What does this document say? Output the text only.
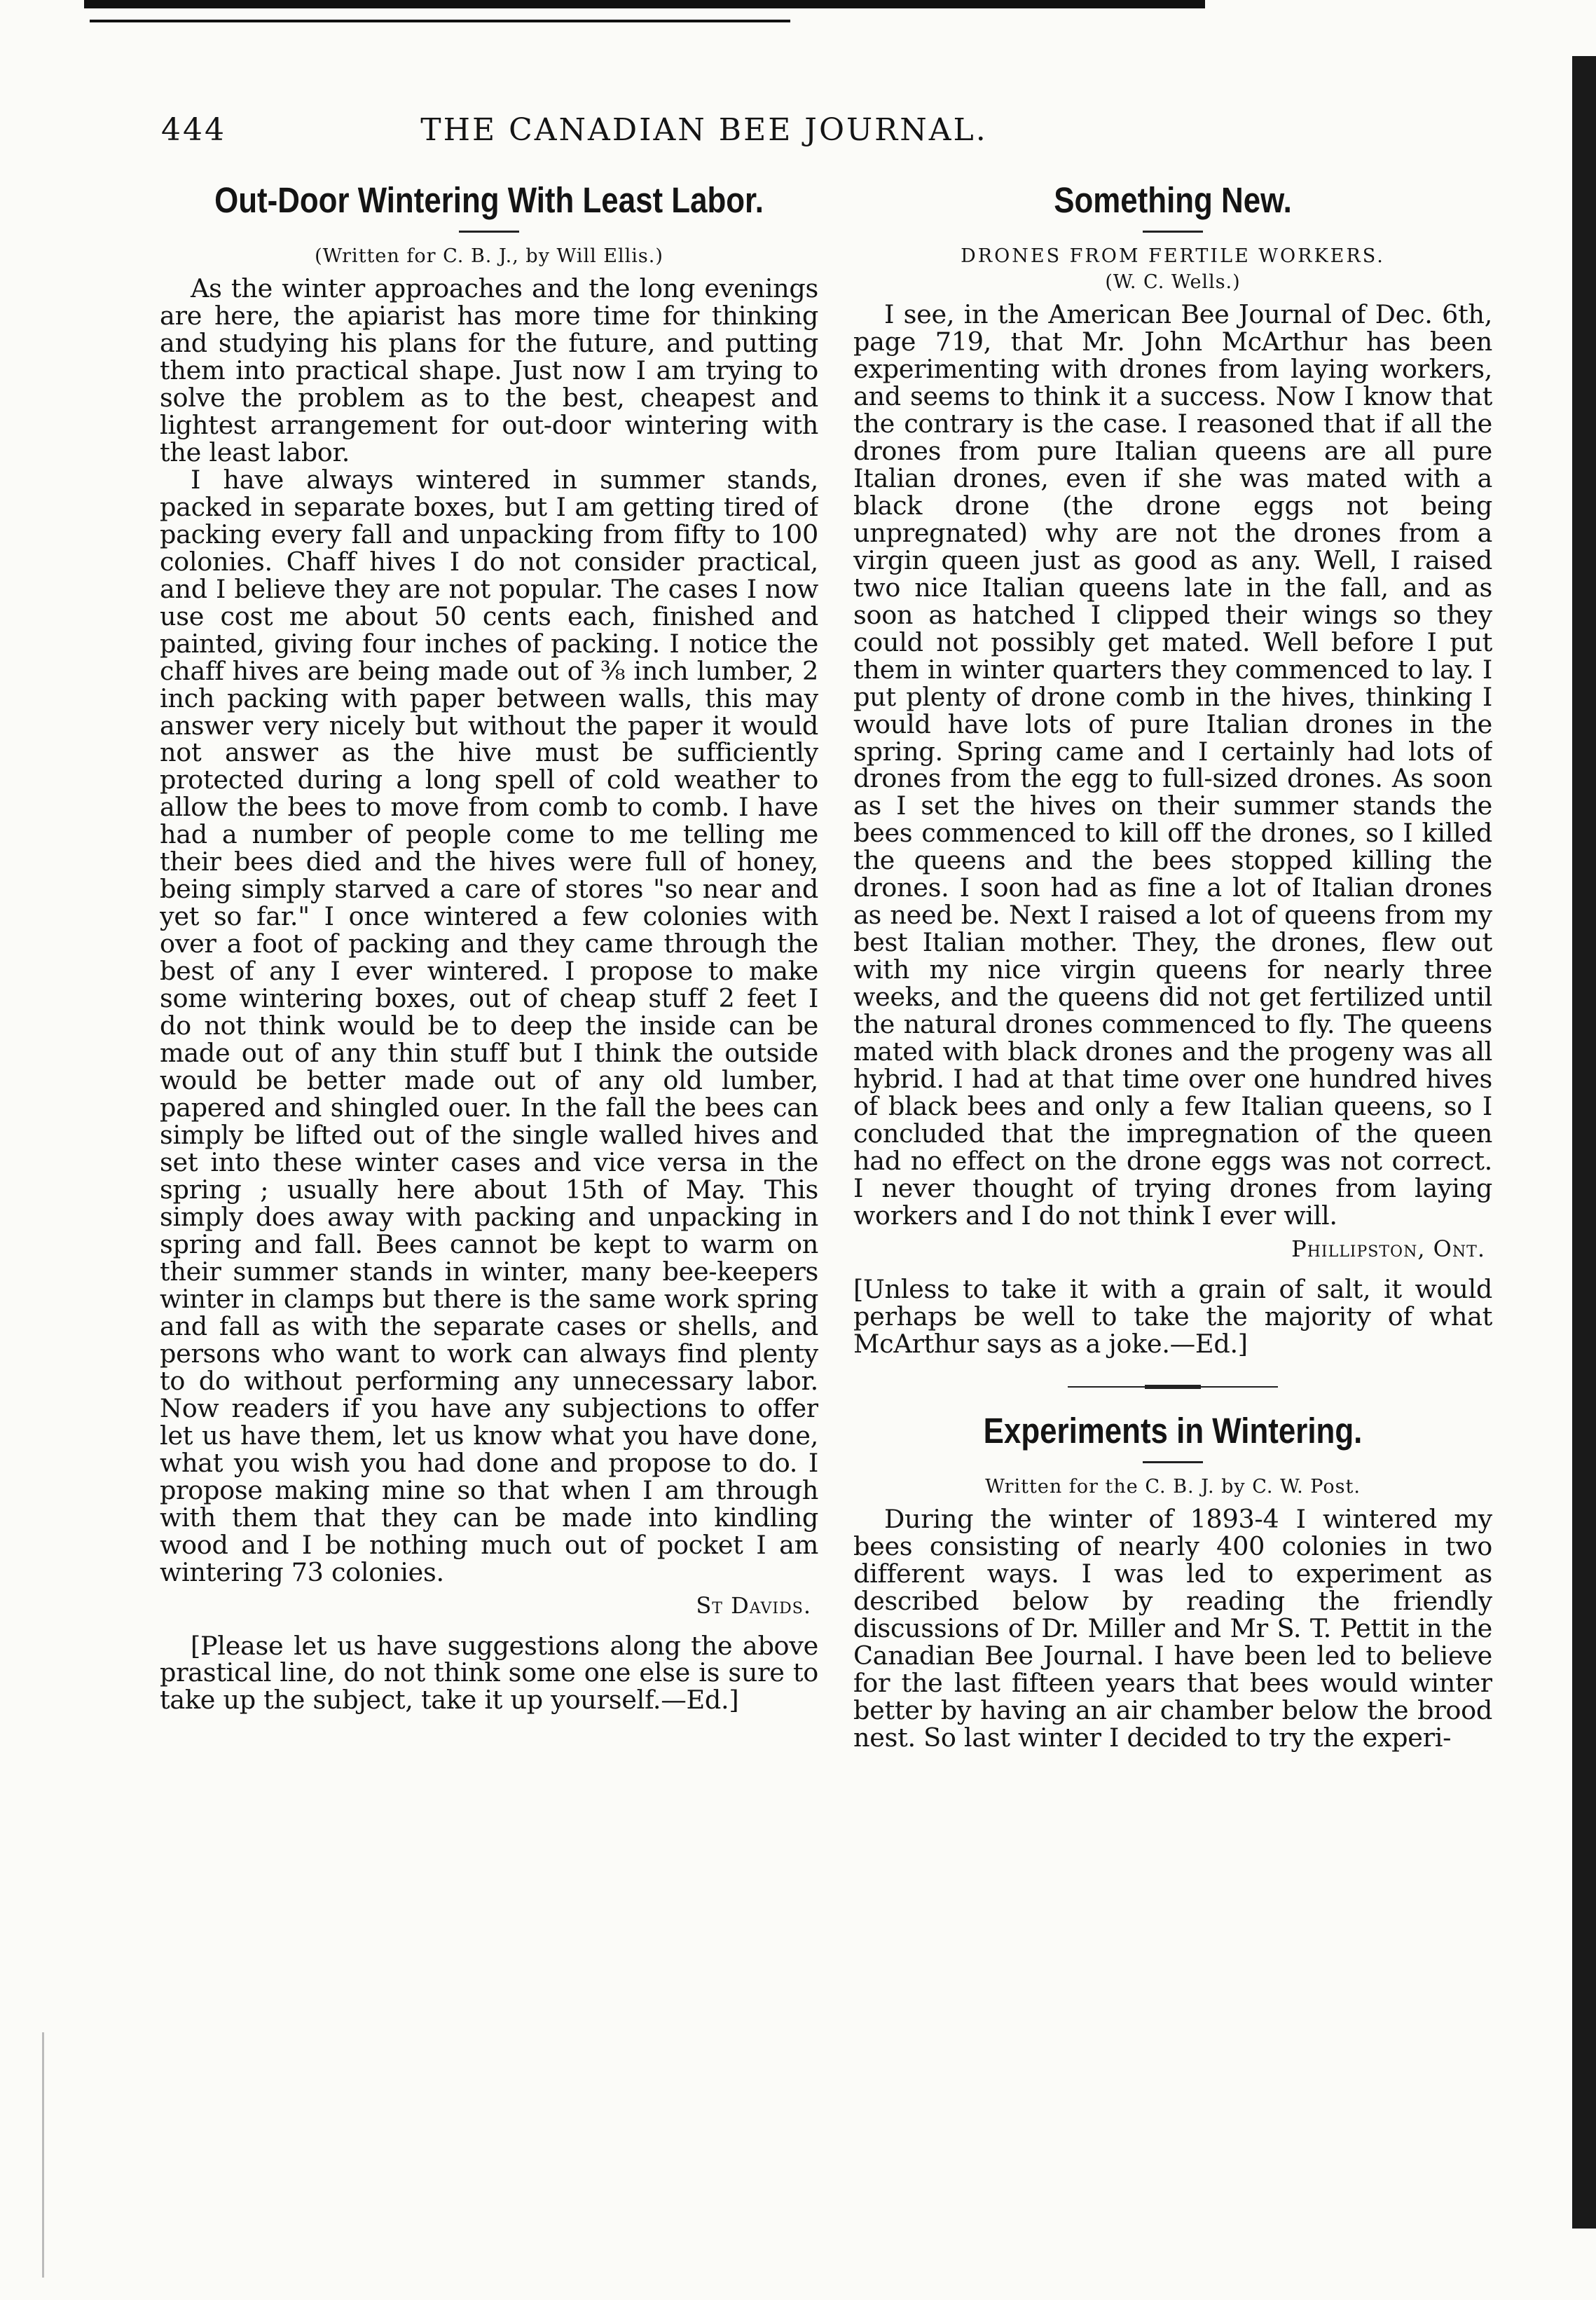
444	THE CANADIAN BEE JOURNAL.
Out-Door Wintering With Least Labor.

(Written for C. B. J., by Will Ellis.)

As the winter approaches and the long evenings are here, the apiarist has more time for thinking and studying his plans for the future, and putting them into practical shape. Just now I am trying to solve the problem as to the best, cheapest and lightest arrangement for out-door wintering with the least labor.

I have always wintered in summer stands, packed in separate boxes, but I am getting tired of packing every fall and unpacking from fifty to 100 colonies. Chaff hives I do not consider practical, and I believe they are not popular. The cases I now use cost me about 50 cents each, finished and painted, giving four inches of packing. I notice the chaff hives are being made out of ⅜ inch lumber, 2 inch packing with paper between walls, this may answer very nicely but without the paper it would not answer as the hive must be sufficiently protected during a long spell of cold weather to allow the bees to move from comb to comb. I have had a number of people come to me telling me their bees died and the hives were full of honey, being simply starved a care of stores "so near and yet so far." I once wintered a few colonies with over a foot of packing and they came through the best of any I ever wintered. I propose to make some wintering boxes, out of cheap stuff 2 feet I do not think would be to deep the inside can be made out of any thin stuff but I think the outside would be better made out of any old lumber, papered and shingled ouer. In the fall the bees can simply be lifted out of the single walled hives and set into these winter cases and vice versa in the spring ; usually here about 15th of May. This simply does away with packing and unpacking in spring and fall. Bees cannot be kept to warm on their summer stands in winter, many bee-keepers winter in clamps but there is the same work spring and fall as with the separate cases or shells, and persons who want to work can always find plenty to do without performing any unnecessary labor. Now readers if you have any subjections to offer let us have them, let us know what you have done, what you wish you had done and propose to do. I propose making mine so that when I am through with them that they can be made into kindling wood and I be nothing much out of pocket I am wintering 73 colonies.

St Davids.

[Please let us have suggestions along the above prastical line, do not think some one else is sure to take up the subject, take it up yourself.—Ed.]

Something New.

DRONES FROM FERTILE WORKERS.

(W. C. Wells.)

I see, in the American Bee Journal of Dec. 6th, page 719, that Mr. John McArthur has been experimenting with drones from laying workers, and seems to think it a success. Now I know that the contrary is the case. I reasoned that if all the drones from pure Italian queens are all pure Italian drones, even if she was mated with a black drone (the drone eggs not being unpregnated) why are not the drones from a virgin queen just as good as any. Well, I raised two nice Italian queens late in the fall, and as soon as hatched I clipped their wings so they could not possibly get mated. Well before I put them in winter quarters they commenced to lay. I put plenty of drone comb in the hives, thinking I would have lots of pure Italian drones in the spring. Spring came and I certainly had lots of drones from the egg to full-sized drones. As soon as I set the hives on their summer stands the bees commenced to kill off the drones, so I killed the queens and the bees stopped killing the drones. I soon had as fine a lot of Italian drones as need be. Next I raised a lot of queens from my best Italian mother. They, the drones, flew out with my nice virgin queens for nearly three weeks, and the queens did not get fertilized until the natural drones commenced to fly. The queens mated with black drones and the progeny was all hybrid. I had at that time over one hundred hives of black bees and only a few Italian queens, so I concluded that the impregnation of the queen had no effect on the drone eggs was not correct. I never thought of trying drones from laying workers and I do not think I ever will.

Phillipston, Ont.

[Unless to take it with a grain of salt, it would perhaps be well to take the majority of what McArthur says as a joke.—Ed.]

Experiments in Wintering.

Written for the C. B. J. by C. W. Post.

During the winter of 1893-4 I wintered my bees consisting of nearly 400 colonies in two different ways. I was led to experiment as described below by reading the friendly discussions of Dr. Miller and Mr S. T. Pettit in the Canadian Bee Journal. I have been led to believe for the last fifteen years that bees would winter better by having an air chamber below the brood nest. So last winter I decided to try the experi-
